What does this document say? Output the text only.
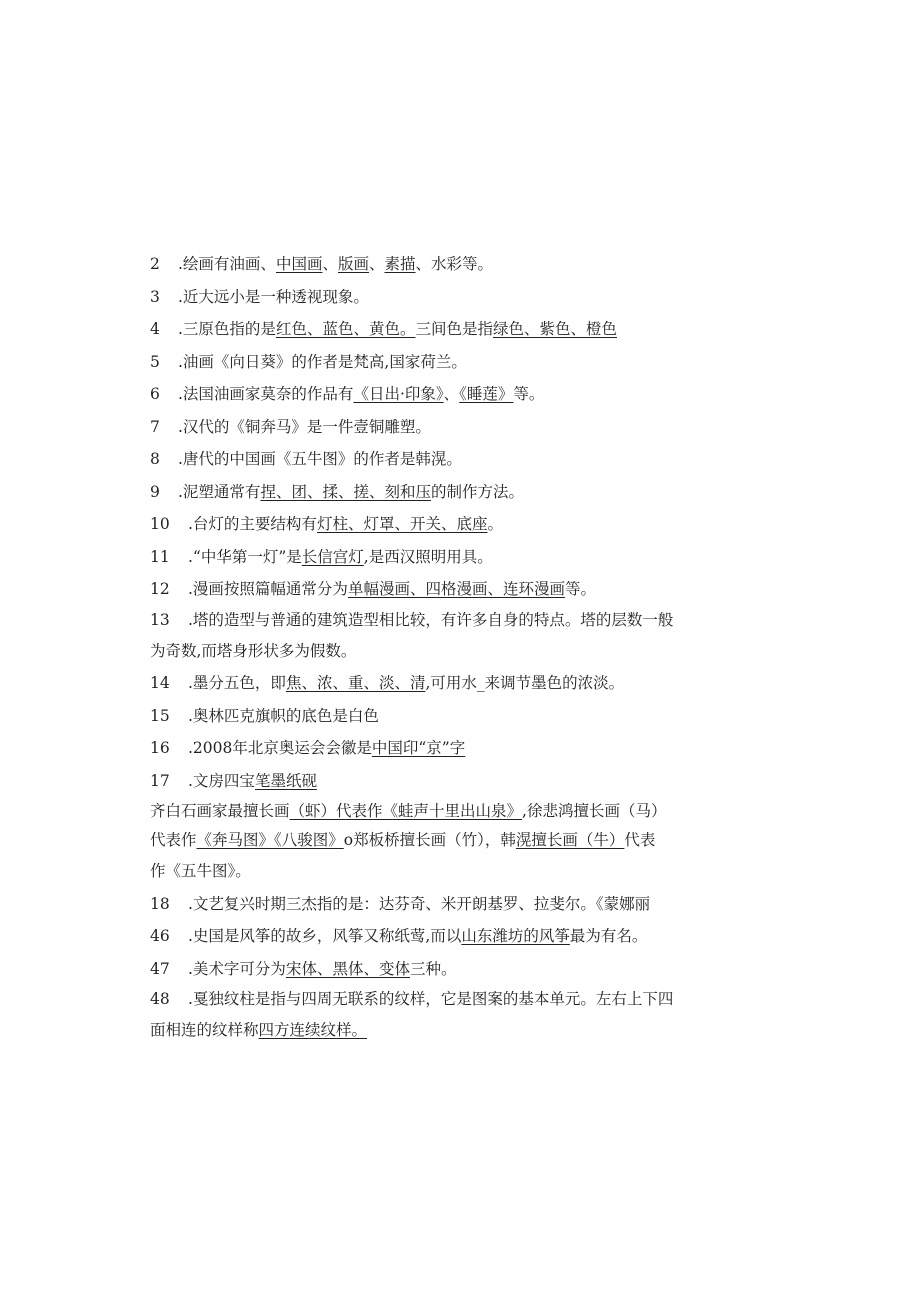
2 .绘画有油画、中国画、版画、素描、水彩等。
3 .近大远小是一种透视现象。
4 .三原色指的是红色、蓝色、黄色。三间色是指绿色、紫色、橙色
5 .油画《向日葵》的作者是梵高,国家荷兰。
6 .法国油画家莫奈的作品有《日出·印象》、《睡莲》等。
7 .汉代的《铜奔马》是一件壹铜雕塑。
8 .唐代的中国画《五牛图》的作者是韩滉。
9 .泥塑通常有捏、团、揉、搓、刻和压的制作方法。
10 .台灯的主要结构有灯柱、灯罩、开关、底座。
11 .“中华第一灯”是长信宫灯,是西汉照明用具。
12 .漫画按照篇幅通常分为单幅漫画、四格漫画、连环漫画等。
13 .塔的造型与普通的建筑造型相比较，有许多自身的特点。塔的层数一般
为奇数,而塔身形状多为假数。
14 .墨分五色，即焦、浓、重、淡、清,可用水_来调节墨色的浓淡。
15 .奥林匹克旗帜的底色是白色
16 .2008年北京奥运会会徽是中国印“京”字
17 .文房四宝笔墨纸砚
齐白石画家最擅长画（虾）代表作《蛙声十里出山泉》,徐悲鸿擅长画（马）
代表作《奔马图》《八骏图》o郑板桥擅长画（竹），韩滉擅长画（牛）代表
作《五牛图》。
18 .文艺复兴时期三杰指的是：达芬奇、米开朗基罗、拉斐尔。《蒙娜丽
46 .史国是风筝的故乡，风筝又称纸莺,而以山东潍坊的风筝最为有名。
47 .美术字可分为宋体、黑体、变体三种。
48 .戛独纹柱是指与四周无联系的纹样，它是图案的基本单元。左右上下四
面相连的纹样称四方连续纹样。
